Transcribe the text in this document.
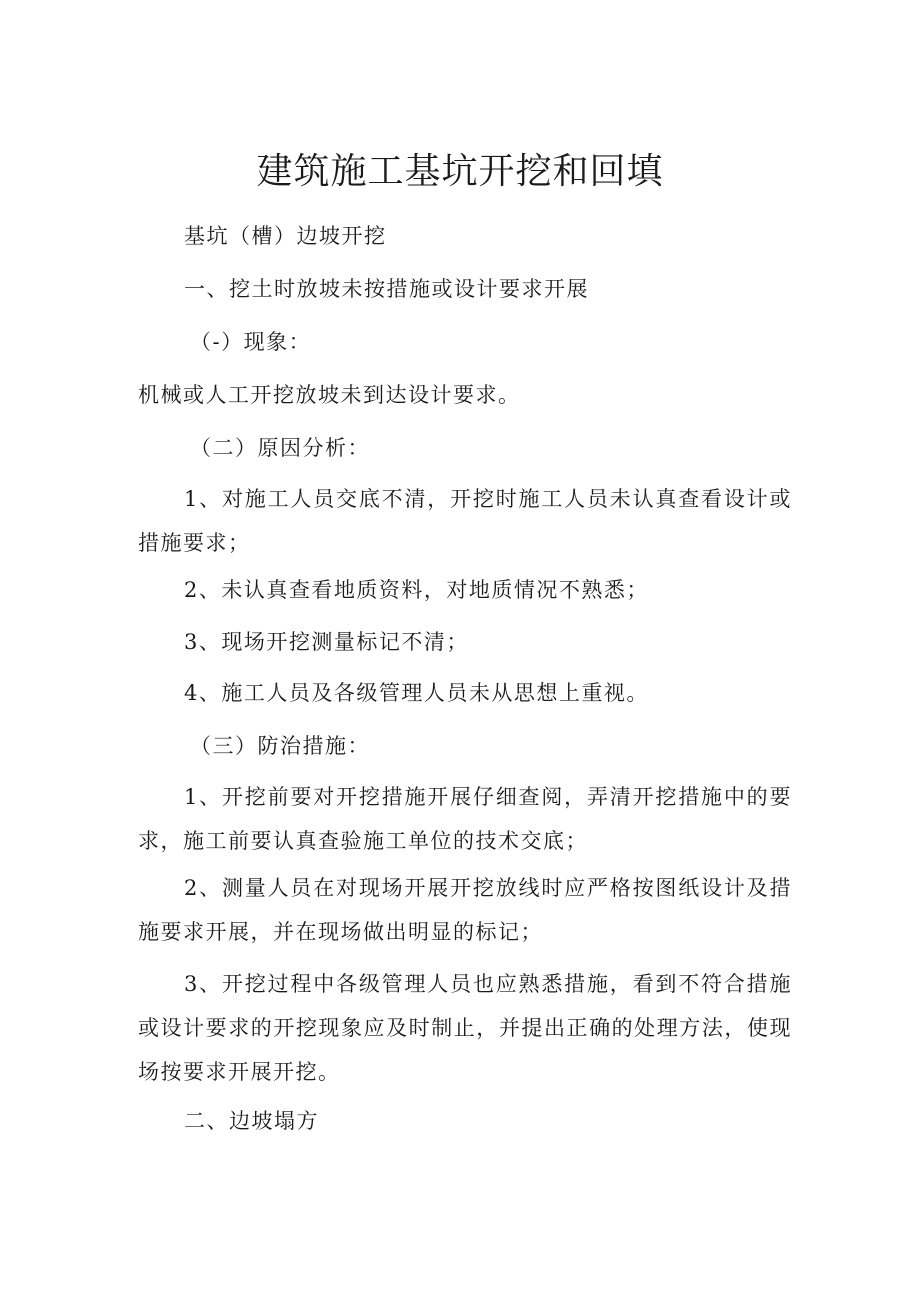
建筑施工基坑开挖和回填
基坑（槽）边坡开挖
一、挖土时放坡未按措施或设计要求开展
（-）现象：
机械或人工开挖放坡未到达设计要求。
（二）原因分析：
1、对施工人员交底不清，开挖时施工人员未认真查看设计或措施要求；
2、未认真查看地质资料，对地质情况不熟悉；
3、现场开挖测量标记不清；
4、施工人员及各级管理人员未从思想上重视。
（三）防治措施：
1、开挖前要对开挖措施开展仔细查阅，弄清开挖措施中的要求，施工前要认真查验施工单位的技术交底；
2、测量人员在对现场开展开挖放线时应严格按图纸设计及措施要求开展，并在现场做出明显的标记；
3、开挖过程中各级管理人员也应熟悉措施，看到不符合措施或设计要求的开挖现象应及时制止，并提出正确的处理方法，使现场按要求开展开挖。
二、边坡塌方
